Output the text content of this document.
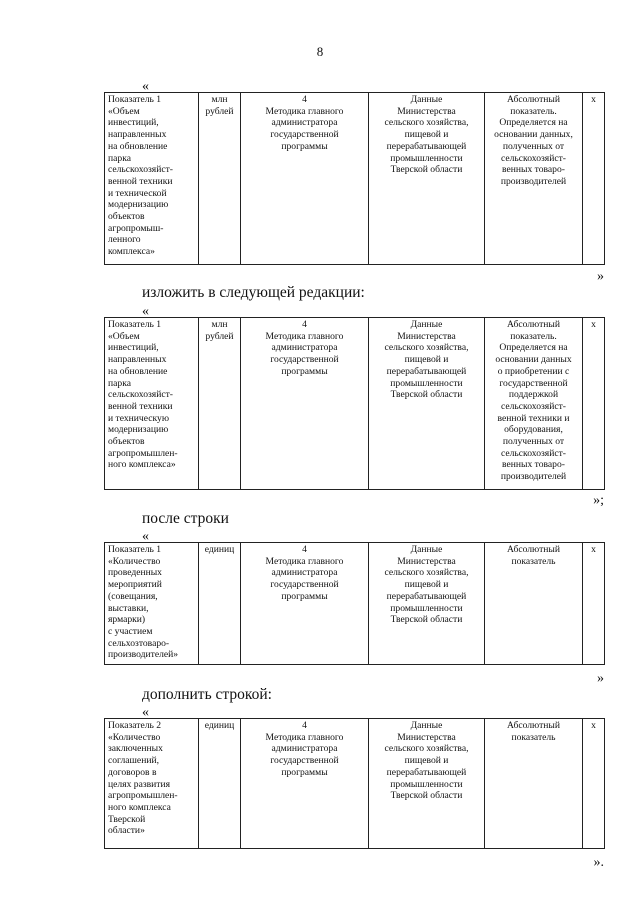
8
«
Показатель 1
«Объем
инвестиций,
направленных
на обновление
парка
сельскохозяйст-
венной техники
и технической
модернизацию
объектов
агропромыш-
ленного
комплекса»	млн
рублей	4
Методика главного
администратора
государственной
программы	Данные
Министерства
сельского хозяйства,
пищевой и
перерабатывающей
промышленности
Тверской области	Абсолютный
показатель.
Определяется на
основании данных,
полученных от
сельскохозяйст-
венных товаро-
производителей	х
»
изложить в следующей редакции:
«
Показатель 1
«Объем
инвестиций,
направленных
на обновление
парка
сельскохозяйст-
венной техники
и техническую
модернизацию
объектов
агропромышлен-
ного комплекса»	млн
рублей	4
Методика главного
администратора
государственной
программы	Данные
Министерства
сельского хозяйства,
пищевой и
перерабатывающей
промышленности
Тверской области	Абсолютный
показатель.
Определяется на
основании данных
о приобретении с
государственной
поддержкой
сельскохозяйст-
венной техники и
оборудования,
полученных от
сельскохозяйст-
венных товаро-
производителей	х
»;
после строки
«
Показатель 1
«Количество
проведенных
мероприятий
(совещания,
выставки,
ярмарки)
с участием
сельхозтоваро-
производителей»	единиц	4
Методика главного
администратора
государственной
программы	Данные
Министерства
сельского хозяйства,
пищевой и
перерабатывающей
промышленности
Тверской области	Абсолютный
показатель	х
»
дополнить строкой:
«
Показатель 2
«Количество
заключенных
соглашений,
договоров в
целях развития
агропромышлен-
ного комплекса
Тверской
области»	единиц	4
Методика главного
администратора
государственной
программы	Данные
Министерства
сельского хозяйства,
пищевой и
перерабатывающей
промышленности
Тверской области	Абсолютный
показатель	х
».
